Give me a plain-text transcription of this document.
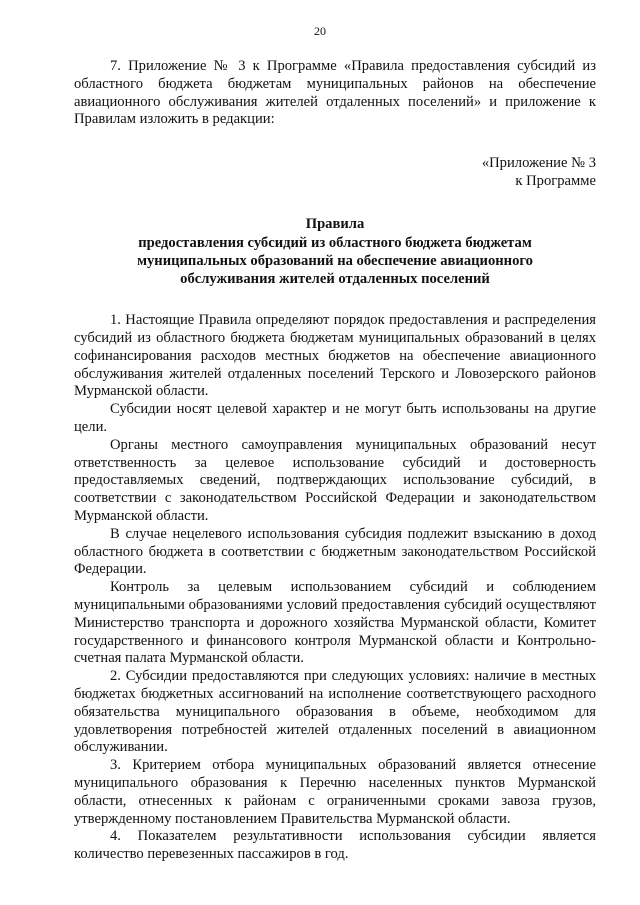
20

7. Приложение № 3 к Программе «Правила предоставления субсидий из областного бюджета бюджетам муниципальных районов на обеспечение авиационного обслуживания жителей отдаленных поселений» и приложение к Правилам изложить в редакции:

«Приложение № 3
к Программе
Правила
предоставления субсидий из областного бюджета бюджетам
муниципальных образований на обеспечение авиационного
обслуживания жителей отдаленных поселений

1. Настоящие Правила определяют порядок предоставления и распределения субсидий из областного бюджета бюджетам муниципальных образований в целях софинансирования расходов местных бюджетов на обеспечение авиационного обслуживания жителей отдаленных поселений Терского и Ловозерского районов Мурманской области.

Субсидии носят целевой характер и не могут быть использованы на другие цели.

Органы местного самоуправления муниципальных образований несут ответственность за целевое использование субсидий и достоверность предоставляемых сведений, подтверждающих использование субсидий, в соответствии с законодательством Российской Федерации и законодательством Мурманской области.

В случае нецелевого использования субсидия подлежит взысканию в доход областного бюджета в соответствии с бюджетным законодательством Российской Федерации.

Контроль за целевым использованием субсидий и соблюдением муниципальными образованиями условий предоставления субсидий осуществляют Министерство транспорта и дорожного хозяйства Мурманской области, Комитет государственного и финансового контроля Мурманской области и Контрольно-счетная палата Мурманской области.

2. Субсидии предоставляются при следующих условиях: наличие в местных бюджетах бюджетных ассигнований на исполнение соответствующего расходного обязательства муниципального образования в объеме, необходимом для удовлетворения потребностей жителей отдаленных поселений в авиационном обслуживании.

3. Критерием отбора муниципальных образований является отнесение муниципального образования к Перечню населенных пунктов Мурманской области, отнесенных к районам с ограниченными сроками завоза грузов, утвержденному постановлением Правительства Мурманской области.

4. Показателем результативности использования субсидии является количество перевезенных пассажиров в год.
